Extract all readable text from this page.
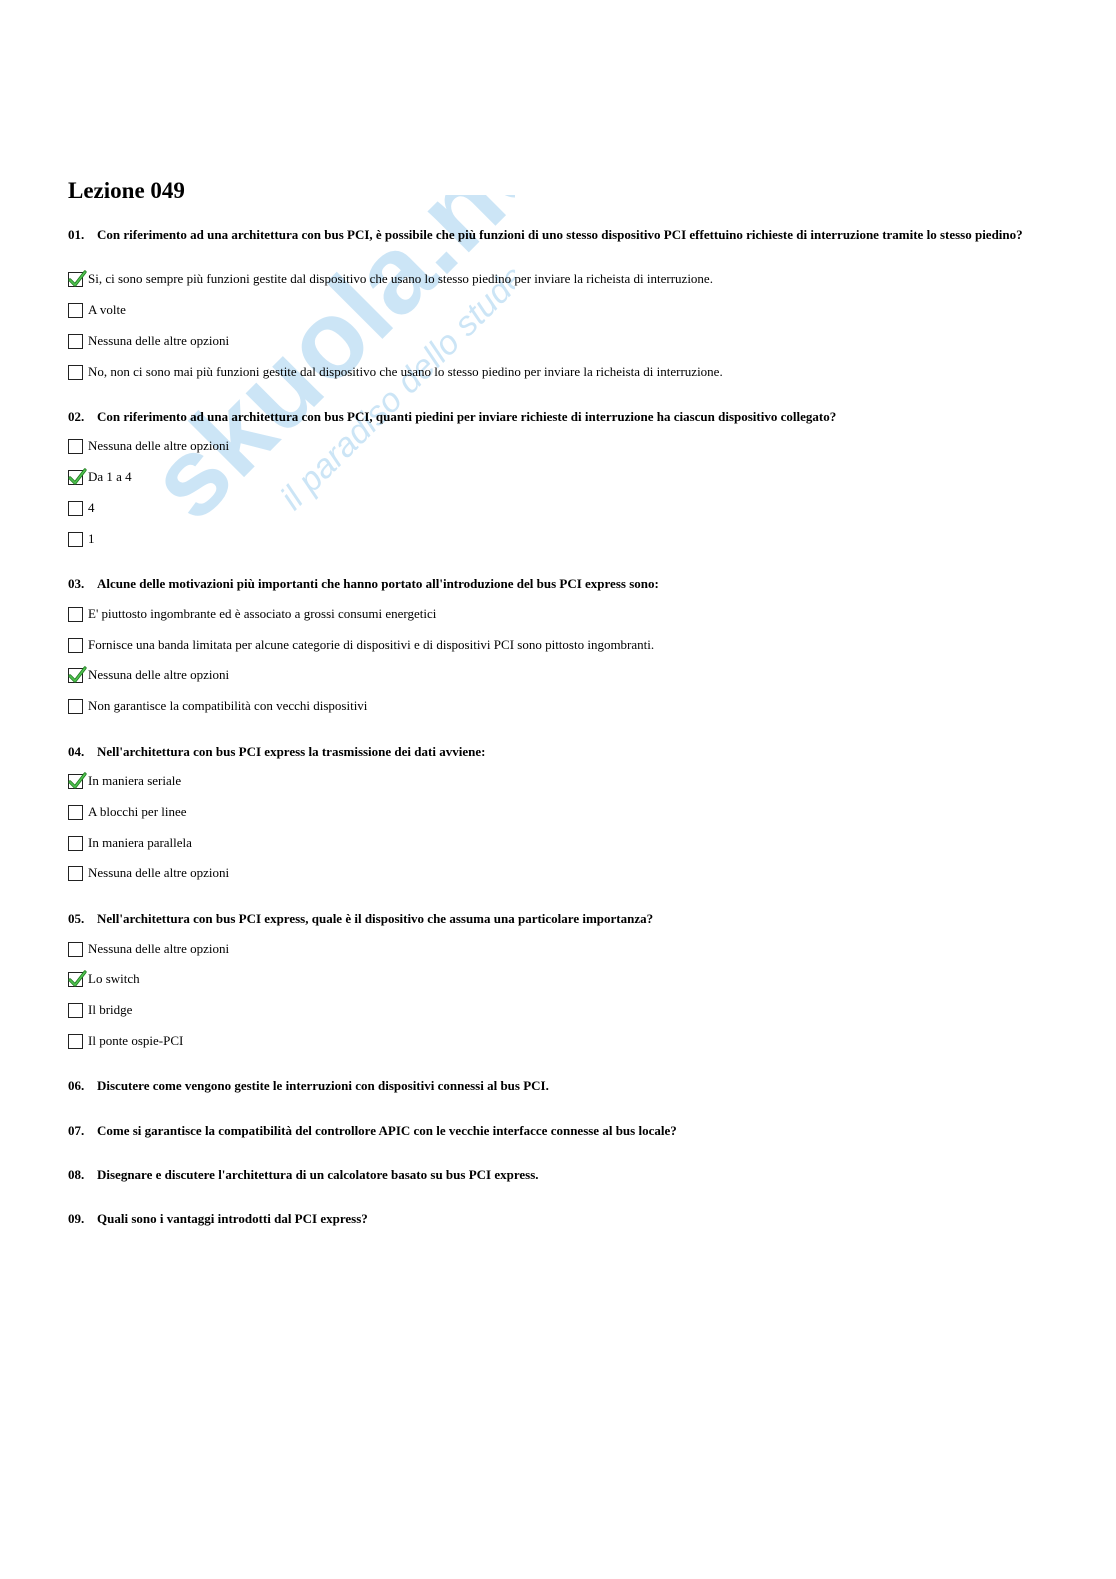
skuola.net
il paradiso dello studente
Lezione 049
01. Con riferimento ad una architettura con bus PCI, è possibile che più funzioni di uno stesso dispositivo PCI effettuino richieste di interruzione tramite lo stesso piedino?
Si, ci sono sempre più funzioni gestite dal dispositivo che usano lo stesso piedino per inviare la richeista di interruzione.
A volte
Nessuna delle altre opzioni
No, non ci sono mai più funzioni gestite dal dispositivo che usano lo stesso piedino per inviare la richeista di interruzione.
02. Con riferimento ad una architettura con bus PCI, quanti piedini per inviare richieste di interruzione ha ciascun dispositivo collegato?
Nessuna delle altre opzioni
Da 1 a 4
4
1
03. Alcune delle motivazioni più importanti che hanno portato all'introduzione del bus PCI express sono:
E' piuttosto ingombrante ed è associato a grossi consumi energetici
Fornisce una banda limitata per alcune categorie di dispositivi e di dispositivi PCI sono pittosto ingombranti.
Nessuna delle altre opzioni
Non garantisce la compatibilità con vecchi dispositivi
04. Nell'architettura con bus PCI express la trasmissione dei dati avviene:
In maniera seriale
A blocchi per linee
In maniera parallela
Nessuna delle altre opzioni
05. Nell'architettura con bus PCI express, quale è il dispositivo che assuma una particolare importanza?
Nessuna delle altre opzioni
Lo switch
Il bridge
Il ponte ospie-PCI
06. Discutere come vengono gestite le interruzioni con dispositivi connessi al bus PCI.
07. Come si garantisce la compatibilità del controllore APIC con le vecchie interfacce connesse al bus locale?
08. Disegnare e discutere l'architettura di un calcolatore basato su bus PCI express.
09. Quali sono i vantaggi introdotti dal PCI express?
